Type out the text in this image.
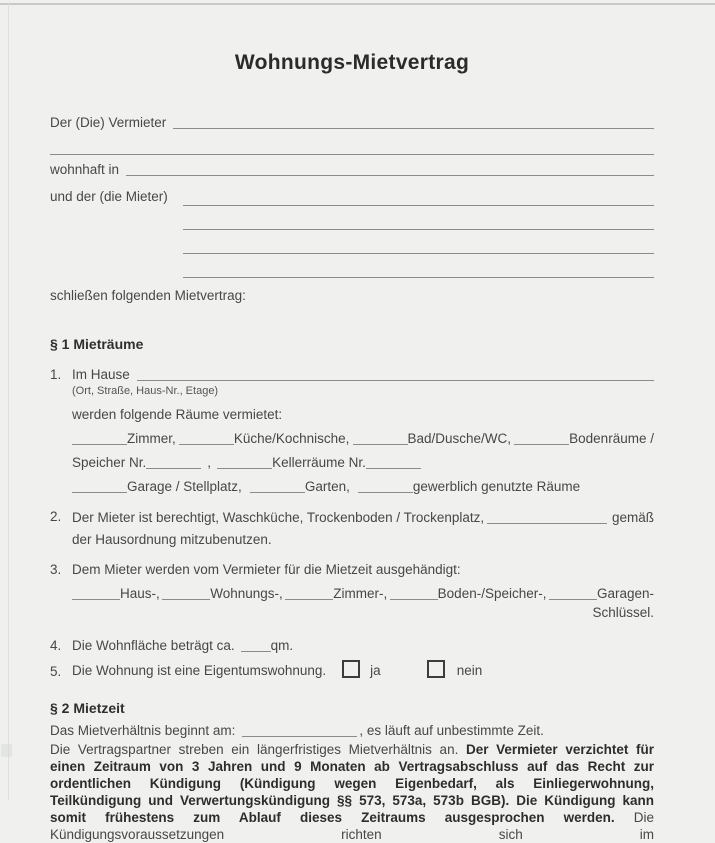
Wohnungs-Mietvertrag
Der (Die) Vermieter
wohnhaft in
und der (die Mieter)

schließen folgenden Mietvertrag:

§ 1 Mieträume
1. Im Hause
(Ort, Straße, Haus-Nr., Etage)
werden folgende Räume vermietet:
Zimmer,	Küche/Kochnische,	Bad/Dusche/WC,	Bodenräume /
Speicher Nr.	,	Kellerräume Nr.
Garage / Stellplatz,	Garten,	gewerblich genutzte Räume
2. Der Mieter ist berechtigt, Waschküche, Trockenboden / Trockenplatz,	gemäß
der Hausordnung mitzubenutzen.
3. Dem Mieter werden vom Vermieter für die Mietzeit ausgehändigt:
Haus-,	Wohnungs-,	Zimmer-,	Boden-/Speicher-,	Garagen-
Schlüssel.
4. Die Wohnfläche beträgt ca.	qm.
5. Die Wohnung ist eine Eigentumswohnung.	ja	nein
§ 2 Mietzeit
Das Mietverhältnis beginnt am:	, es läuft auf unbestimmte Zeit.

Die Vertragspartner streben ein längerfristiges Mietverhältnis an. Der Vermieter verzichtet für einen Zeitraum von 3 Jahren und 9 Monaten ab Vertragsabschluss auf das Recht zur ordentlichen Kündigung (Kündigung wegen Eigenbedarf, als Einliegerwohnung, Teilkündigung und Verwertungskündigung §§ 573, 573a, 573b BGB). Die Kündigung kann somit frühestens zum Ablauf dieses Zeitraums ausgesprochen werden. Die Kündigungsvoraussetzungen richten sich im
